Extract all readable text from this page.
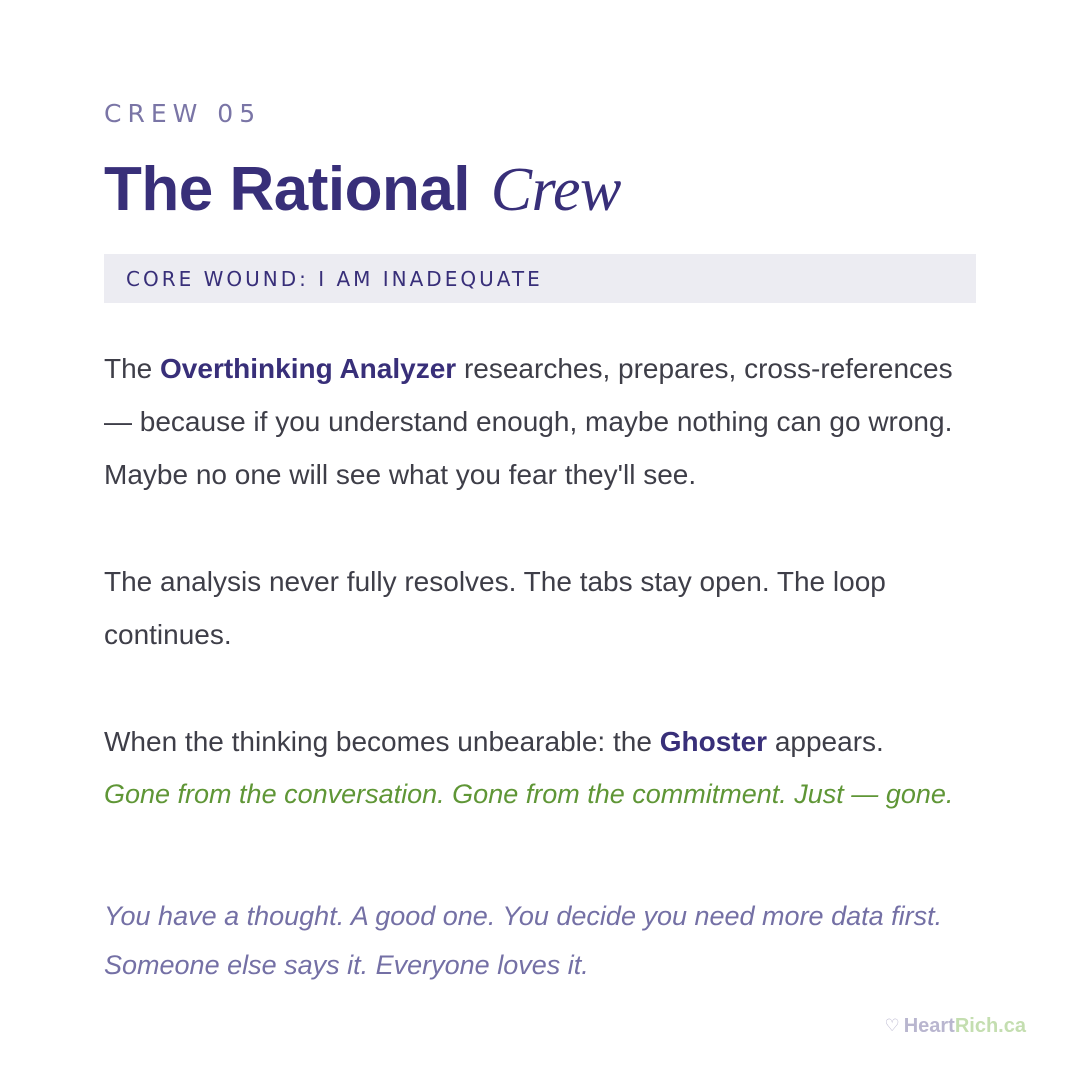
CREW 05
The Rational Crew
CORE WOUND: I AM INADEQUATE

The Overthinking Analyzer researches, prepares, cross-references — because if you understand enough, maybe nothing can go wrong. Maybe no one will see what you fear they'll see.

The analysis never fully resolves. The tabs stay open. The loop continues.

When the thinking becomes unbearable: the Ghoster appears.
Gone from the conversation. Gone from the commitment. Just — gone.

You have a thought. A good one. You decide you need more data first.
Someone else says it. Everyone loves it.

♡ HeartRich.ca
